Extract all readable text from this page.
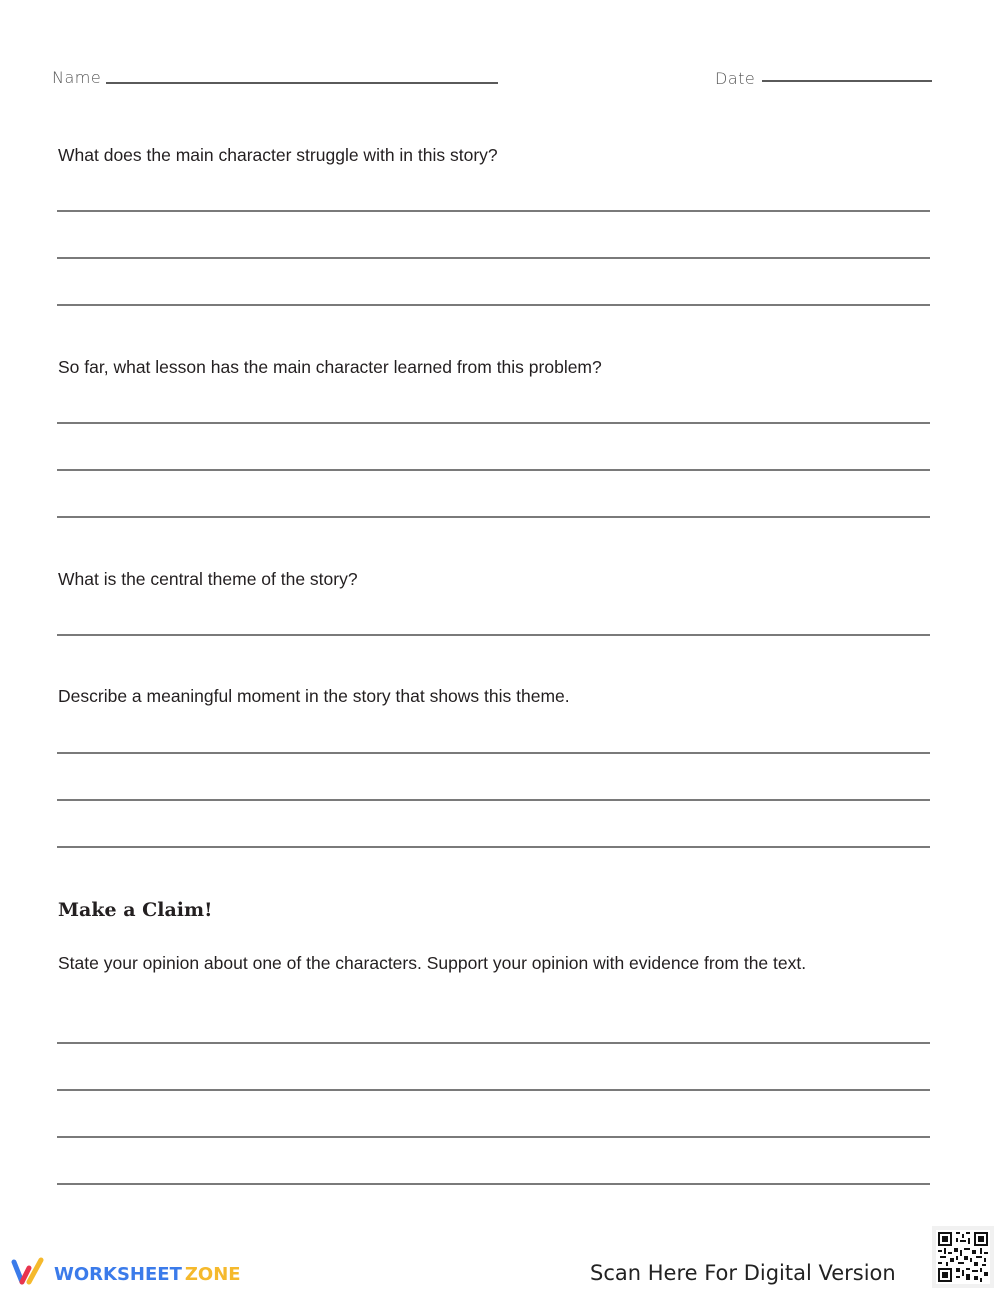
Name	Date
What does the main character struggle with in this story?
So far, what lesson has the main character learned from this problem?
What is the central theme of the story?
Describe a meaningful moment in the story that shows this theme.
Make a Claim!
State your opinion about one of the characters. Support your opinion with evidence from the text.
WORKSHEET ZONE	Scan Here For Digital Version
